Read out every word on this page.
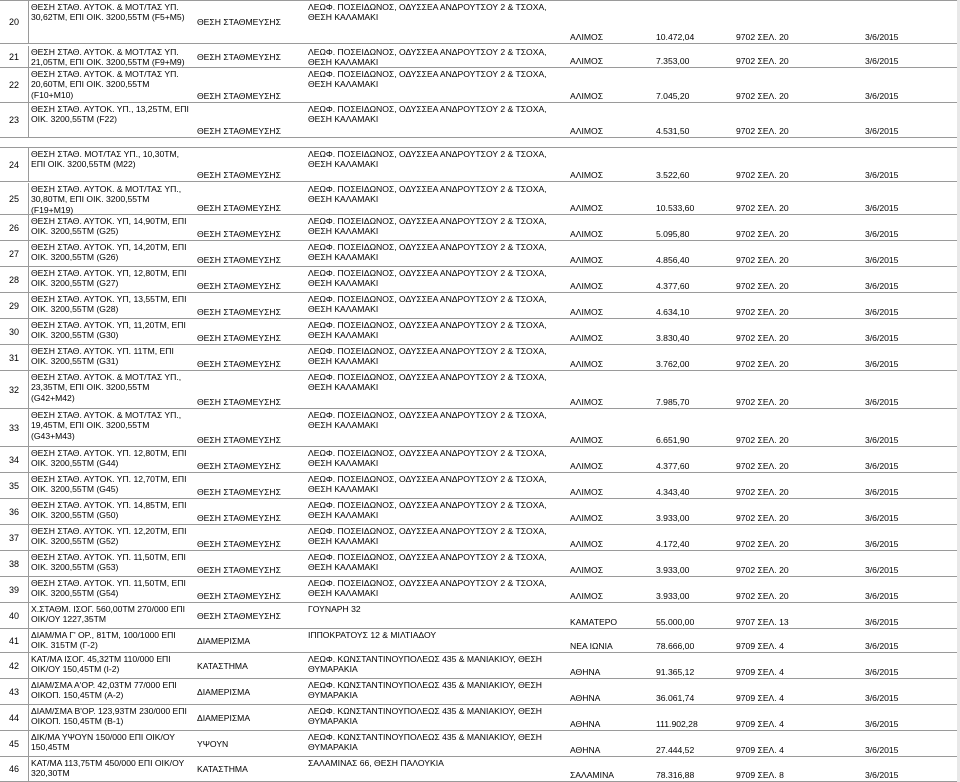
20
ΘΕΣΗ ΣΤΑΘ. ΑΥΤΟΚ. & ΜΟΤ/ΤΑΣ ΥΠ.
30,62ΤΜ, ΕΠΙ ΟΙΚ. 3200,55ΤΜ (F5+M5)	ΘΕΣΗ ΣΤΑΘΜΕΥΣΗΣ
ΛΕΩΦ. ΠΟΣΕΙΔΩΝΟΣ, ΟΔΥΣΣΕΑ ΑΝΔΡΟΥΤΣΟΥ 2 & ΤΣΟΧΑ,
ΘΕΣΗ ΚΑΛΑΜΑΚΙ
ΑΛΙΜΟΣ	10.472,04	9702 ΣΕΛ. 20	3/6/2015
21	ΘΕΣΗ ΣΤΑΘ. ΑΥΤΟΚ. & ΜΟΤ/ΤΑΣ ΥΠ.
21,05ΤΜ, ΕΠΙ ΟΙΚ. 3200,55ΤΜ (F9+M9)
ΘΕΣΗ ΣΤΑΘΜΕΥΣΗΣ	ΛΕΩΦ. ΠΟΣΕΙΔΩΝΟΣ, ΟΔΥΣΣΕΑ ΑΝΔΡΟΥΤΣΟΥ 2 & ΤΣΟΧΑ,
ΘΕΣΗ ΚΑΛΑΜΑΚΙ	ΑΛΙΜΟΣ	7.353,00	9702 ΣΕΛ. 20	3/6/2015
22
ΘΕΣΗ ΣΤΑΘ. ΑΥΤΟΚ. & ΜΟΤ/ΤΑΣ ΥΠ.
20,60ΤΜ, ΕΠΙ ΟΙΚ. 3200,55ΤΜ
(F10+M10)	ΘΕΣΗ ΣΤΑΘΜΕΥΣΗΣ
ΛΕΩΦ. ΠΟΣΕΙΔΩΝΟΣ, ΟΔΥΣΣΕΑ ΑΝΔΡΟΥΤΣΟΥ 2 & ΤΣΟΧΑ,
ΘΕΣΗ ΚΑΛΑΜΑΚΙ
ΑΛΙΜΟΣ	7.045,20	9702 ΣΕΛ. 20	3/6/2015
23
ΘΕΣΗ ΣΤΑΘ. ΑΥΤΟΚ. ΥΠ., 13,25ΤΜ, ΕΠΙ
ΟΙΚ. 3200,55ΤΜ (F22)
ΘΕΣΗ ΣΤΑΘΜΕΥΣΗΣ
ΛΕΩΦ. ΠΟΣΕΙΔΩΝΟΣ, ΟΔΥΣΣΕΑ ΑΝΔΡΟΥΤΣΟΥ 2 & ΤΣΟΧΑ,
ΘΕΣΗ ΚΑΛΑΜΑΚΙ
ΑΛΙΜΟΣ	4.531,50	9702 ΣΕΛ. 20	3/6/2015
24
ΘΕΣΗ ΣΤΑΘ. ΜΟΤ/ΤΑΣ ΥΠ., 10,30ΤΜ,
ΕΠΙ ΟΙΚ. 3200,55ΤΜ (M22)
ΘΕΣΗ ΣΤΑΘΜΕΥΣΗΣ
ΛΕΩΦ. ΠΟΣΕΙΔΩΝΟΣ, ΟΔΥΣΣΕΑ ΑΝΔΡΟΥΤΣΟΥ 2 & ΤΣΟΧΑ,
ΘΕΣΗ ΚΑΛΑΜΑΚΙ
ΑΛΙΜΟΣ	3.522,60	9702 ΣΕΛ. 20	3/6/2015
25
ΘΕΣΗ ΣΤΑΘ. ΑΥΤΟΚ. & ΜΟΤ/ΤΑΣ ΥΠ.,
30,80ΤΜ, ΕΠΙ ΟΙΚ. 3200,55ΤΜ
(F19+M19)	ΘΕΣΗ ΣΤΑΘΜΕΥΣΗΣ
ΛΕΩΦ. ΠΟΣΕΙΔΩΝΟΣ, ΟΔΥΣΣΕΑ ΑΝΔΡΟΥΤΣΟΥ 2 & ΤΣΟΧΑ,
ΘΕΣΗ ΚΑΛΑΜΑΚΙ
ΑΛΙΜΟΣ	10.533,60	9702 ΣΕΛ. 20	3/6/2015
26
ΘΕΣΗ ΣΤΑΘ. ΑΥΤΟΚ. ΥΠ, 14,90ΤΜ, ΕΠΙ
ΟΙΚ. 3200,55ΤΜ (G25)	ΘΕΣΗ ΣΤΑΘΜΕΥΣΗΣ
ΛΕΩΦ. ΠΟΣΕΙΔΩΝΟΣ, ΟΔΥΣΣΕΑ ΑΝΔΡΟΥΤΣΟΥ 2 & ΤΣΟΧΑ,
ΘΕΣΗ ΚΑΛΑΜΑΚΙ	ΑΛΙΜΟΣ	5.095,80	9702 ΣΕΛ. 20	3/6/2015
27
ΘΕΣΗ ΣΤΑΘ. ΑΥΤΟΚ. ΥΠ, 14,20ΤΜ, ΕΠΙ
ΟΙΚ. 3200,55ΤΜ (G26)	ΘΕΣΗ ΣΤΑΘΜΕΥΣΗΣ
ΛΕΩΦ. ΠΟΣΕΙΔΩΝΟΣ, ΟΔΥΣΣΕΑ ΑΝΔΡΟΥΤΣΟΥ 2 & ΤΣΟΧΑ,
ΘΕΣΗ ΚΑΛΑΜΑΚΙ	ΑΛΙΜΟΣ	4.856,40	9702 ΣΕΛ. 20	3/6/2015
28
ΘΕΣΗ ΣΤΑΘ. ΑΥΤΟΚ. ΥΠ, 12,80ΤΜ, ΕΠΙ
ΟΙΚ. 3200,55ΤΜ (G27)	ΘΕΣΗ ΣΤΑΘΜΕΥΣΗΣ
ΛΕΩΦ. ΠΟΣΕΙΔΩΝΟΣ, ΟΔΥΣΣΕΑ ΑΝΔΡΟΥΤΣΟΥ 2 & ΤΣΟΧΑ,
ΘΕΣΗ ΚΑΛΑΜΑΚΙ	ΑΛΙΜΟΣ	4.377,60	9702 ΣΕΛ. 20	3/6/2015
29
ΘΕΣΗ ΣΤΑΘ. ΑΥΤΟΚ. ΥΠ, 13,55ΤΜ, ΕΠΙ
ΟΙΚ. 3200,55ΤΜ (G28)	ΘΕΣΗ ΣΤΑΘΜΕΥΣΗΣ
ΛΕΩΦ. ΠΟΣΕΙΔΩΝΟΣ, ΟΔΥΣΣΕΑ ΑΝΔΡΟΥΤΣΟΥ 2 & ΤΣΟΧΑ,
ΘΕΣΗ ΚΑΛΑΜΑΚΙ	ΑΛΙΜΟΣ	4.634,10	9702 ΣΕΛ. 20	3/6/2015
30
ΘΕΣΗ ΣΤΑΘ. ΑΥΤΟΚ. ΥΠ, 11,20ΤΜ, ΕΠΙ
ΟΙΚ. 3200,55ΤΜ (G30)	ΘΕΣΗ ΣΤΑΘΜΕΥΣΗΣ
ΛΕΩΦ. ΠΟΣΕΙΔΩΝΟΣ, ΟΔΥΣΣΕΑ ΑΝΔΡΟΥΤΣΟΥ 2 & ΤΣΟΧΑ,
ΘΕΣΗ ΚΑΛΑΜΑΚΙ	ΑΛΙΜΟΣ	3.830,40	9702 ΣΕΛ. 20	3/6/2015
31
ΘΕΣΗ ΣΤΑΘ. ΑΥΤΟΚ. ΥΠ. 11ΤΜ, ΕΠΙ
ΟΙΚ. 3200,55ΤΜ (G31)	ΘΕΣΗ ΣΤΑΘΜΕΥΣΗΣ
ΛΕΩΦ. ΠΟΣΕΙΔΩΝΟΣ, ΟΔΥΣΣΕΑ ΑΝΔΡΟΥΤΣΟΥ 2 & ΤΣΟΧΑ,
ΘΕΣΗ ΚΑΛΑΜΑΚΙ	ΑΛΙΜΟΣ	3.762,00	9702 ΣΕΛ. 20	3/6/2015
32
ΘΕΣΗ ΣΤΑΘ. ΑΥΤΟΚ. & ΜΟΤ/ΤΑΣ ΥΠ.,
23,35ΤΜ, ΕΠΙ ΟΙΚ. 3200,55ΤΜ
(G42+M42)	ΘΕΣΗ ΣΤΑΘΜΕΥΣΗΣ
ΛΕΩΦ. ΠΟΣΕΙΔΩΝΟΣ, ΟΔΥΣΣΕΑ ΑΝΔΡΟΥΤΣΟΥ 2 & ΤΣΟΧΑ,
ΘΕΣΗ ΚΑΛΑΜΑΚΙ
ΑΛΙΜΟΣ	7.985,70	9702 ΣΕΛ. 20	3/6/2015
33
ΘΕΣΗ ΣΤΑΘ. ΑΥΤΟΚ. & ΜΟΤ/ΤΑΣ ΥΠ.,
19,45ΤΜ, ΕΠΙ ΟΙΚ. 3200,55ΤΜ
(G43+M43)	ΘΕΣΗ ΣΤΑΘΜΕΥΣΗΣ
ΛΕΩΦ. ΠΟΣΕΙΔΩΝΟΣ, ΟΔΥΣΣΕΑ ΑΝΔΡΟΥΤΣΟΥ 2 & ΤΣΟΧΑ,
ΘΕΣΗ ΚΑΛΑΜΑΚΙ
ΑΛΙΜΟΣ	6.651,90	9702 ΣΕΛ. 20	3/6/2015
34
ΘΕΣΗ ΣΤΑΘ. ΑΥΤΟΚ. ΥΠ. 12,80ΤΜ, ΕΠΙ
ΟΙΚ. 3200,55ΤΜ (G44)	ΘΕΣΗ ΣΤΑΘΜΕΥΣΗΣ
ΛΕΩΦ. ΠΟΣΕΙΔΩΝΟΣ, ΟΔΥΣΣΕΑ ΑΝΔΡΟΥΤΣΟΥ 2 & ΤΣΟΧΑ,
ΘΕΣΗ ΚΑΛΑΜΑΚΙ	ΑΛΙΜΟΣ	4.377,60	9702 ΣΕΛ. 20	3/6/2015
35
ΘΕΣΗ ΣΤΑΘ. ΑΥΤΟΚ. ΥΠ. 12,70ΤΜ, ΕΠΙ
ΟΙΚ. 3200,55ΤΜ (G45)	ΘΕΣΗ ΣΤΑΘΜΕΥΣΗΣ
ΛΕΩΦ. ΠΟΣΕΙΔΩΝΟΣ, ΟΔΥΣΣΕΑ ΑΝΔΡΟΥΤΣΟΥ 2 & ΤΣΟΧΑ,
ΘΕΣΗ ΚΑΛΑΜΑΚΙ	ΑΛΙΜΟΣ	4.343,40	9702 ΣΕΛ. 20	3/6/2015
36
ΘΕΣΗ ΣΤΑΘ. ΑΥΤΟΚ. ΥΠ. 14,85ΤΜ, ΕΠΙ
ΟΙΚ. 3200,55ΤΜ (G50)	ΘΕΣΗ ΣΤΑΘΜΕΥΣΗΣ
ΛΕΩΦ. ΠΟΣΕΙΔΩΝΟΣ, ΟΔΥΣΣΕΑ ΑΝΔΡΟΥΤΣΟΥ 2 & ΤΣΟΧΑ,
ΘΕΣΗ ΚΑΛΑΜΑΚΙ	ΑΛΙΜΟΣ	3.933,00	9702 ΣΕΛ. 20	3/6/2015
37
ΘΕΣΗ ΣΤΑΘ. ΑΥΤΟΚ. ΥΠ. 12,20ΤΜ, ΕΠΙ
ΟΙΚ. 3200,55ΤΜ (G52)	ΘΕΣΗ ΣΤΑΘΜΕΥΣΗΣ
ΛΕΩΦ. ΠΟΣΕΙΔΩΝΟΣ, ΟΔΥΣΣΕΑ ΑΝΔΡΟΥΤΣΟΥ 2 & ΤΣΟΧΑ,
ΘΕΣΗ ΚΑΛΑΜΑΚΙ	ΑΛΙΜΟΣ	4.172,40	9702 ΣΕΛ. 20	3/6/2015
38
ΘΕΣΗ ΣΤΑΘ. ΑΥΤΟΚ. ΥΠ. 11,50ΤΜ, ΕΠΙ
ΟΙΚ. 3200,55ΤΜ (G53)	ΘΕΣΗ ΣΤΑΘΜΕΥΣΗΣ
ΛΕΩΦ. ΠΟΣΕΙΔΩΝΟΣ, ΟΔΥΣΣΕΑ ΑΝΔΡΟΥΤΣΟΥ 2 & ΤΣΟΧΑ,
ΘΕΣΗ ΚΑΛΑΜΑΚΙ	ΑΛΙΜΟΣ	3.933,00	9702 ΣΕΛ. 20	3/6/2015
39
ΘΕΣΗ ΣΤΑΘ. ΑΥΤΟΚ. ΥΠ. 11,50ΤΜ, ΕΠΙ
ΟΙΚ. 3200,55ΤΜ (G54)	ΘΕΣΗ ΣΤΑΘΜΕΥΣΗΣ
ΛΕΩΦ. ΠΟΣΕΙΔΩΝΟΣ, ΟΔΥΣΣΕΑ ΑΝΔΡΟΥΤΣΟΥ 2 & ΤΣΟΧΑ,
ΘΕΣΗ ΚΑΛΑΜΑΚΙ	ΑΛΙΜΟΣ	3.933,00	9702 ΣΕΛ. 20	3/6/2015
40
Χ.ΣΤΑΘΜ. ΙΣΟΓ. 560,00ΤΜ 270/000 ΕΠΙ
ΟΙΚ/ΟΥ 1227,35ΤΜ	ΘΕΣΗ ΣΤΑΘΜΕΥΣΗΣ
ΓΟΥΝΑΡΗ 32
ΚΑΜΑΤΕΡΟ	55.000,00	9707 ΣΕΛ. 13	3/6/2015
41
ΔΙΑΜ/ΜΑ Γ' ΟΡ., 81ΤΜ, 100/1000 ΕΠΙ
ΟΙΚ. 315ΤΜ (Γ-2)
ΔΙΑΜΕΡΙΣΜΑ
ΙΠΠΟΚΡΑΤΟΥΣ 12 & ΜΙΛΤΙΑΔΟΥ
ΝΕΑ ΙΩΝΙΑ	78.666,00	9709 ΣΕΛ. 4	3/6/2015
42
ΚΑΤ/ΜΑ ΙΣΟΓ. 45,32ΤΜ 110/000 ΕΠΙ
ΟΙΚ/ΟΥ 150,45ΤΜ (Ι-2)	ΚΑΤΑΣΤΗΜΑ
ΛΕΩΦ. ΚΩΝΣΤΑΝΤΙΝΟΥΠΟΛΕΩΣ 435 & ΜΑΝΙΑΚΙΟΥ, ΘΕΣΗ
ΘΥΜΑΡΑΚΙΑ	ΑΘΗΝΑ	91.365,12	9709 ΣΕΛ. 4	3/6/2015
43
ΔΙΑΜ/ΣΜΑ Α'ΟΡ. 42,03ΤΜ 77/000 ΕΠΙ
ΟΙΚΟΠ. 150,45ΤΜ (Α-2)	ΔΙΑΜΕΡΙΣΜΑ
ΛΕΩΦ. ΚΩΝΣΤΑΝΤΙΝΟΥΠΟΛΕΩΣ 435 & ΜΑΝΙΑΚΙΟΥ, ΘΕΣΗ
ΘΥΜΑΡΑΚΙΑ	ΑΘΗΝΑ	36.061,74	9709 ΣΕΛ. 4	3/6/2015
44
ΔΙΑΜ/ΣΜΑ Β'ΟΡ. 123,93ΤΜ 230/000 ΕΠΙ
ΟΙΚΟΠ. 150,45ΤΜ (Β-1)	ΔΙΑΜΕΡΙΣΜΑ
ΛΕΩΦ. ΚΩΝΣΤΑΝΤΙΝΟΥΠΟΛΕΩΣ 435 & ΜΑΝΙΑΚΙΟΥ, ΘΕΣΗ
ΘΥΜΑΡΑΚΙΑ	ΑΘΗΝΑ	111.902,28	9709 ΣΕΛ. 4	3/6/2015
45
ΔΙΚ/ΜΑ ΥΨΟΥΝ 150/000 ΕΠΙ ΟΙΚ/ΟΥ
150,45ΤΜ	ΥΨΟΥΝ
ΛΕΩΦ. ΚΩΝΣΤΑΝΤΙΝΟΥΠΟΛΕΩΣ 435 & ΜΑΝΙΑΚΙΟΥ, ΘΕΣΗ
ΘΥΜΑΡΑΚΙΑ	ΑΘΗΝΑ	27.444,52	9709 ΣΕΛ. 4	3/6/2015
46
ΚΑΤ/ΜΑ 113,75ΤΜ 450/000 ΕΠΙ ΟΙΚ/ΟΥ
320,30ΤΜ	ΚΑΤΑΣΤΗΜΑ
ΣΑΛΑΜΙΝΑΣ 66, ΘΕΣΗ ΠΑΛΟΥΚΙΑ
ΣΑΛΑΜΙΝΑ	78.316,88	9709 ΣΕΛ. 8	3/6/2015
